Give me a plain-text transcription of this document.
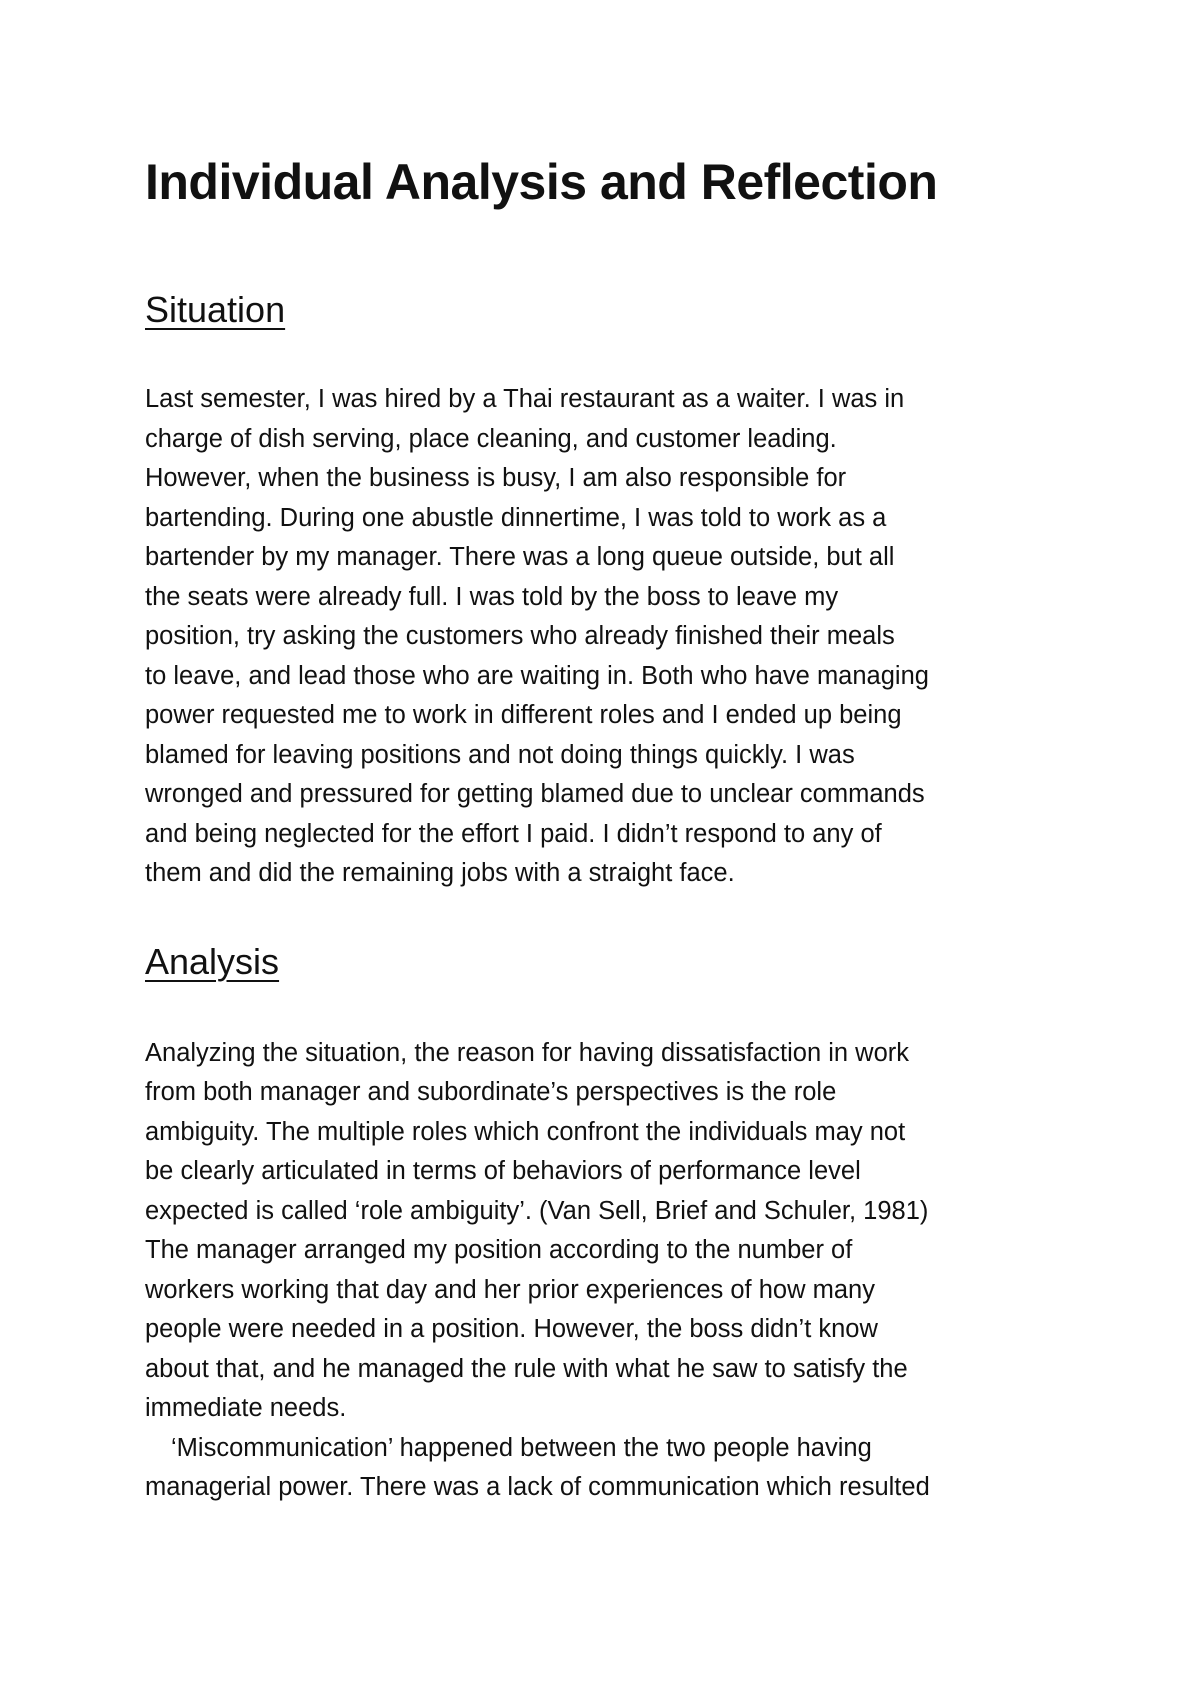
Individual Analysis and Reflection
Situation

Last semester, I was hired by a Thai restaurant as a waiter. I was in
charge of dish serving, place cleaning, and customer leading.
However, when the business is busy, I am also responsible for
bartending. During one abustle dinnertime, I was told to work as a
bartender by my manager. There was a long queue outside, but all
the seats were already full. I was told by the boss to leave my
position, try asking the customers who already finished their meals
to leave, and lead those who are waiting in. Both who have managing
power requested me to work in different roles and I ended up being
blamed for leaving positions and not doing things quickly. I was
wronged and pressured for getting blamed due to unclear commands
and being neglected for the effort I paid. I didn’t respond to any of
them and did the remaining jobs with a straight face.

Analysis

Analyzing the situation, the reason for having dissatisfaction in work
from both manager and subordinate’s perspectives is the role
ambiguity. The multiple roles which confront the individuals may not
be clearly articulated in terms of behaviors of performance level
expected is called ‘role ambiguity’. (Van Sell, Brief and Schuler, 1981)
The manager arranged my position according to the number of
workers working that day and her prior experiences of how many
people were needed in a position. However, the boss didn’t know
about that, and he managed the rule with what he saw to satisfy the
immediate needs.

‘Miscommunication’ happened between the two people having
managerial power. There was a lack of communication which resulted
